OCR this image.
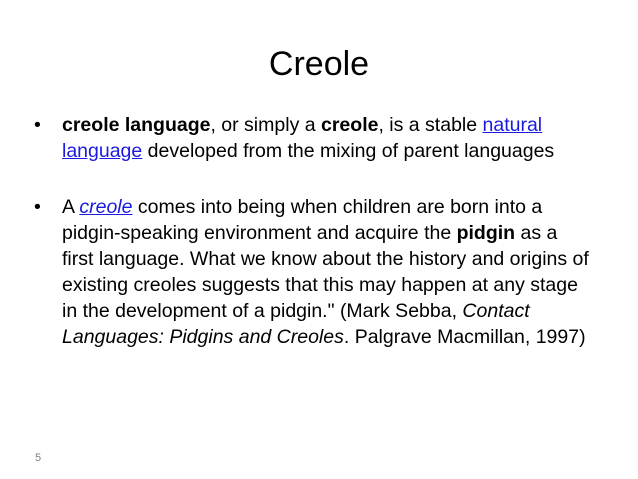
Creole
•	creole language, or simply a creole, is a stable natural language developed from the mixing of parent languages
•	A creole comes into being when children are born into a pidgin-speaking environment and acquire the pidgin as a first language. What we know about the history and origins of existing creoles suggests that this may happen at any stage in the development of a pidgin." (Mark Sebba, Contact Languages: Pidgins and Creoles. Palgrave Macmillan, 1997)
5
